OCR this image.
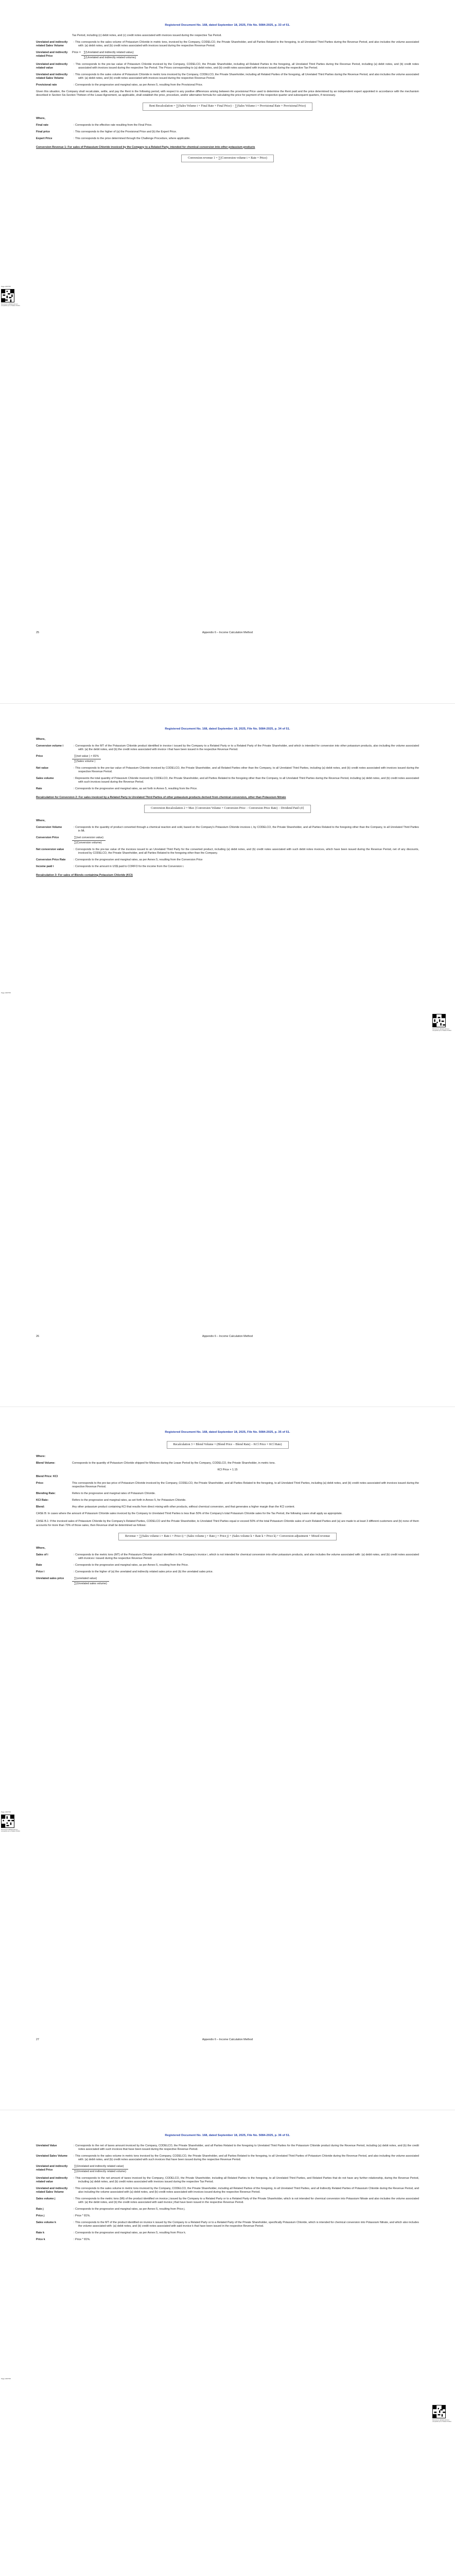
Registered Document No. 168, dated September 18, 2025, File No. 5084-2025, p. 33 of 51.
Tax Period, including (c) debit notes, and (c) credit notes associated with invoices issued during the respective Tax Period.
Unrelated and indirectly related Sales Volume
: This corresponds to the sales volume of Potassium Chloride in metric tons, invoiced by the Company, CODELCO, the Private Shareholder, and all Parties Related to the foregoing, to all Unrelated Third Parties during the Revenue Period, and also includes the volume associated with: (a) debit notes, and (b) credit notes associated with invoices issued during the respective Revenue Period.
Unrelated and indirectly related Price
Price = $\frac{\text{∑(Unrelated and indirectly related valueᵢ)}}{\text{∑(Unrelated and indirectly related volumeᵢ)}}$
Unrelated and indirectly related value
: This corresponds to the pre-tax value of Potassium Chloride invoiced by the Company, CODELCO, the Private Shareholder, including all Related Parties to the foregoing, all Unrelated Third Parties during the Revenue Period, including (a) debit notes, and (b) credit notes associated with invoices issued during the respective Tax Period. The Prices corresponding to (a) debit notes, and (b) credit notes associated with invoices issued during the respective Tax Period.
Unrelated and indirectly related Sales Volume
: This corresponds to the sales volume of Potassium Chloride in metric tons invoiced by the Company, CODELCO, the Private Shareholder, including all Related Parties of the foregoing, all Unrelated Third Parties during the Revenue Period, and also includes the volume associated with: (a) debit notes, and (b) credit notes associated with invoices issued during the respective Revenue Period.
Provisional rate	: Corresponds to the progressive and marginal rates, as per Annex 5, resulting from the Provisional Price.
Given this situation, the Company shall recalculate, settle, and pay the Rent in the following period, with respect to any positive differences arising between the provisional Price used to determine the Rent paid and the price determined by an independent expert appointed in accordance with the mechanism described in Section Six.Section Thirteen of the Lease Agreement, as applicable, shall establish the price, procedure, and/or alternative formula for calculating the price for payment of the respective quarter and subsequent quarters, if necessary.
Rent Recalculation = ∑(Sales Volume i × Final Rate × Final Price) − ∑(Sales Volume i × Provisional Rate × Provisional Price)
Where,
Final rate	: Corresponds to the effective rate resulting from the Final Price.
Final price	: This corresponds to the higher of (a) the Provisional Price and (b) the Expert Price.
Expert Price	: This corresponds to the price determined through the Challenge Procedure, where applicable.
Conversion Revenue 1: For sales of Potassium Chloride invoiced by the Company to a Related Party, intended for chemical conversion into other potassium products
Conversion revenue 1 = ∑(Conversion volume i × Rate × Price)
Page 168/758
Documento validado para ser compartido por el Notario Publico
25	Appendix 6 – Income Calculation Method
Registered Document No. 168, dated September 18, 2025, File No. 5084-2025, p. 34 of 51.
Where,
Conversion volume i	: Corresponds to the MT of the Potassium Chloride product identified in invoice i issued by the Company to a Related Party or to a Related Party of the Private Shareholder, and which is intended for conversion into other potassium products, also including the volume associated with: (a) the debit notes, and (b) the credit notes associated with invoice i that have been issued in the respective Revenue Period.
Price	$\frac{\text{∑(net value ) × 81\%}}{\text{∑(Sales volume )}}$
Net value	: This corresponds to the pre-tax value of Potassium Chloride invoiced by CODELCO, the Private Shareholder, and all Related Parties other than the Company, to all Unrelated Third Parties, including (a) debit notes, and (b) credit notes associated with invoices issued during the respective Revenue Period.
Sales volume	: Represents the total quantity of Potassium Chloride invoiced by CODELCO, the Private Shareholder, and all Parties Related to the foregoing other than the Company, to all Unrelated Third Parties during the Revenue Period, including (a) debit notes, and (b) credit notes associated with such invoices issued during the Revenue Period.
Rate	: Corresponds to the progressive and marginal rates, as set forth in Annex 5, resulting from the Price.
Recalculation for Conversion 2: For sales invoiced by a Related Party to Unrelated Third Parties of other potassium products derived from chemical conversion, other than Potassium Nitrate
Conversion Recalculation 2 = Max {Conversion Volume × Conversion Price − Conversion Price Rate) − Dividend Paid i;0}
Where,
Conversion Volume	: Corresponds to the quantity of product converted through a chemical reaction and sold, based on the Company's Potassium Chloride invoices i, by CODELCO, the Private Shareholder, and all Parties Related to the foregoing other than the Company, to all Unrelated Third Parties in Mt.
Conversion Price	$\frac{\text{∑(net conversion value)}}{\text{∑(Conversion volume)}}$
Net conversion value	: Corresponds to the pre-tax value of the invoices issued to an Unrelated Third Party for the converted product, including (a) debit notes, and (b) credit notes associated with such debit notes invoices, which have been issued during the Revenue Period, net of any discounts, invoiced by CODELCO, the Private Shareholder, and all Parties Related to the foregoing other than the Company.
Conversion Price Rate	: Corresponds to the progressive and marginal rates, as per Annex 5, resulting from the Conversion Price
Income paid i	: Corresponds to the amount in US$ paid to CORFO for the income from the Conversion i.
Recalculation 3: For sales of Blends containing Potassium Chloride (KCl)
Page 168/758
Documento validado para ser compartido por el Notario Publico
26	Appendix 6 – Income Calculation Method
Registered Document No. 168, dated September 18, 2025, File No. 5084-2025, p. 35 of 51.
Recalculation 3 = Blend Volume × (Blend Price − Blend Rate) − KCl Price × KCl Rate)
Where:
Blend Volume:	Corresponds to the quantity of Potassium Chloride shipped for Mixtures during the Lease Period by the Company, CODELCO, the Private Shareholder, in metric tons.
KCl Price × 1.15
Blend Price: KCl
Price:	This corresponds to the pre-tax price of Potassium Chloride invoiced by the Company, CODELCO, the Private Shareholder, and all Parties Related to the foregoing, to all Unrelated Third Parties, including (a) debit notes, and (b) credit notes associated with invoices issued during the respective Revenue Period.
Blending Rate:	Refers to the progressive and marginal rates of Potassium Chloride.
KCl Rate:	Refers to the progressive and marginal rates, as set forth in Annex 5, for Potassium Chloride.
Blend:	Any other potassium product containing KCl that results from direct mixing with other products, without chemical conversion, and that generates a higher margin than the KCl content.
CASE B: In cases where the amount of Potassium Chloride sales invoiced by the Company to Unrelated Third Parties is less than 50% of the Company's total Potassium Chloride sales for the Tax Period, the following cases shall apply as appropriate.
CASE B.1: If the invoiced sales of Potassium Chloride by the Company's Related Parties, CODELCO and the Private Shareholder, to Unrelated Third Parties equal or exceed 50% of the total Potassium Chloride sales of such Related Parties and (a) are made to at least 3 different customers and (b) none of them accounts for more than 70% of those sales, then Revenue shall be determined as follows:
Revenue = ∑(Sales volume i × Rate i × Price i) + (Sales volume j × Rate j × Price j) + (Sales volume k × Rate k × Price k) + Conversion adjustment + Mixed revenue
Where,
Sales of i	: Corresponds to the metric tons (MT) of the Potassium Chloride product identified in the Company's invoice i, which is not intended for chemical conversion into other potassium products, and also includes the volume associated with: (a) debit notes, and (b) credit notes associated with invoices i issued during the respective Revenue Period.
Rate	: Corresponds to the progressive and marginal rates, as per Annex 5, resulting from the Price.
Price i	: Corresponds to the higher of (a) the unrelated and indirectly related sales price and (b) the unrelated sales price.
Unrelated sales price	$\frac{\text{∑(unrelated value)}}{\text{∑(Unrelated sales volume)}}$
Page 168/758
Documento validado para ser compartido por el Notario Publico
27	Appendix 6 – Income Calculation Method
Registered Document No. 168, dated September 18, 2025, File No. 5084-2025, p. 36 of 51.
Unrelated Value	: Corresponds to the net of taxes amount invoiced by the Company, CODELCO, the Private Shareholder, and all Parties Related to the foregoing to Unrelated Third Parties for the Potassium Chloride product during the Revenue Period, including (a) debit notes, and (b) the credit notes associated with such invoices that have been issued during the respective Revenue Period.
Unrelated Sales Volume	: This corresponds to the sales volume in metric tons invoiced by the Company, CODELCO, the Private Shareholder, and all Parties Related to the foregoing, to all Unrelated Third Parties of Potassium Chloride during the Revenue Period, and also including the volume associated with: (a) debit notes, and (b) credit notes associated with such invoices that have been issued during the respective Revenue Period.
Unrelated and indirectly related Price	$\frac{\text{∑(Unrelated and indirectly related value)}}{\text{∑(Unrelated and indirectly related volume)}}$
Unrelated and indirectly related value
: This corresponds to the net amount of taxes invoiced by the Company, CODELCO, the Private Shareholder, including all Related Parties to the foregoing, to all Unrelated Third Parties, and Related Parties that do not have any further relationship, during the Revenue Period, including (a) debit notes, and (b) credit notes associated with invoices issued during the respective Tax Period.
Unrelated and indirectly related Sales Volume
: This corresponds to the sales volume in metric tons invoiced by the Company, CODELCO, the Private Shareholder, including all Related Parties of the foregoing, to all Unrelated Third Parties, and all Indirectly Related Parties of Potassium Chloride during the Revenue Period, and also including the volume associated with (a) debit notes, and (b) credit notes associated with invoices issued during the respective Revenue Period.
Sales volume j	: This corresponds to the metric tons (Mt) of the product identified on invoice j issued by the Company to a Related Party or to a Related Party of the Private Shareholder, which is not intended for chemical conversion into Potassium Nitrate and also includes the volume associated with: (a) the debit notes, and (b) the credit notes associated with said invoice j that have been issued in the respective Revenue Period.
Rate j	: Corresponds to the progressive and marginal rates, as per Annex 5, resulting from Price j.
Price j	: Price * 81%.
Sales volume k	: This corresponds to the MT of the product identified on invoice k issued by the Company to a Related Party or to a Related Party of the Private Shareholder, specifically Potassium Chloride, which is intended for chemical conversion into Potassium Nitrate, and which also includes the volume associated with: (a) debit notes, and (b) credit notes associated with said invoice k that have been issued in the respective Revenue Period.
Rate k	: Corresponds to the progressive and marginal rates, as per Annex 5, resulting from Price k.
Price k	: Price * 81%.
Page 168/758
Documento validado para ser compartido por el Notario Publico
